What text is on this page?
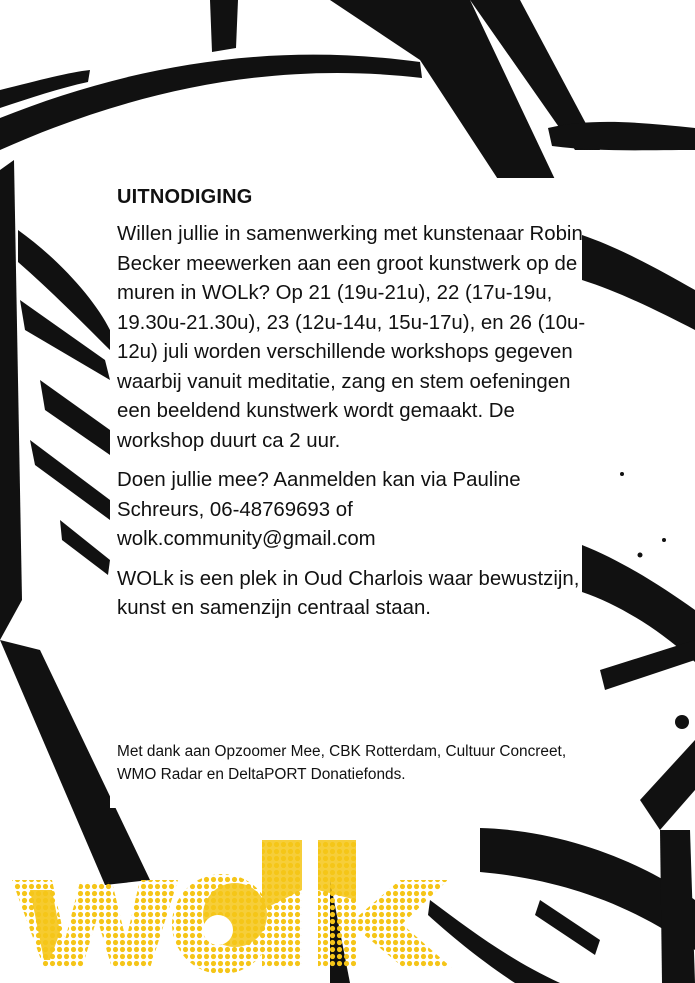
UITNODIGING

Willen jullie in samenwerking met kunstenaar Robin Becker meewerken aan een groot kunstwerk op de muren in WOLk? Op 21 (19u-21u), 22 (17u-19u, 19.30u-21.30u), 23 (12u-14u, 15u-17u), en 26 (10u-12u) juli worden verschillende workshops gegeven waarbij vanuit meditatie, zang en stem oefeningen een beeldend kunstwerk wordt gemaakt. De workshop duurt ca 2 uur.

Doen jullie mee? Aanmelden kan via Pauline Schreurs, 06-48769693 of wolk.community@gmail.com

WOLk is een plek in Oud Charlois waar bewustzijn, kunst en samenzijn centraal staan.

Met dank aan Opzoomer Mee, CBK Rotterdam, Cultuur Concreet, WMO Radar en DeltaPORT Donatiefonds.
